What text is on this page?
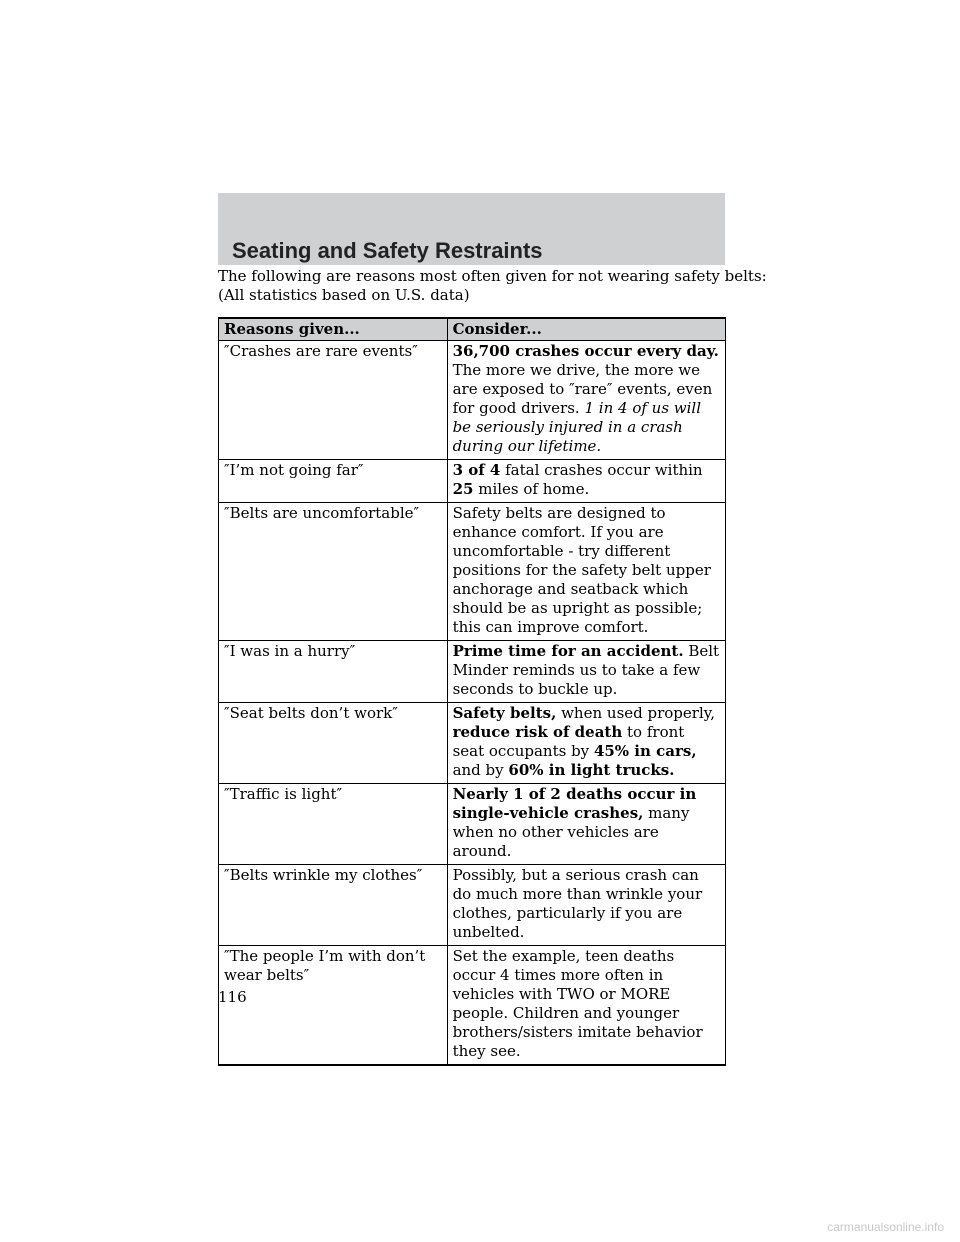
Seating and Safety Restraints
The following are reasons most often given for not wearing safety belts:
(All statistics based on U.S. data)
Reasons given...	Consider...
″Crashes are rare events″	36,700 crashes occur every day. The more we drive, the more we are exposed to ″rare″ events, even for good drivers. 1 in 4 of us will be seriously injured in a crash during our lifetime.
″I’m not going far″	3 of 4 fatal crashes occur within 25 miles of home.
″Belts are uncomfortable″	Safety belts are designed to enhance comfort. If you are uncomfortable - try different positions for the safety belt upper anchorage and seatback which should be as upright as possible; this can improve comfort.
″I was in a hurry″	Prime time for an accident. Belt Minder reminds us to take a few seconds to buckle up.
″Seat belts don’t work″	Safety belts, when used properly, reduce risk of death to front seat occupants by 45% in cars, and by 60% in light trucks.
″Traffic is light″	Nearly 1 of 2 deaths occur in single-vehicle crashes, many when no other vehicles are around.
″Belts wrinkle my clothes″	Possibly, but a serious crash can do much more than wrinkle your clothes, particularly if you are unbelted.
″The people I’m with don’t wear belts″	Set the example, teen deaths occur 4 times more often in vehicles with TWO or MORE people. Children and younger brothers/sisters imitate behavior they see.
116
carmanualsonline.info
